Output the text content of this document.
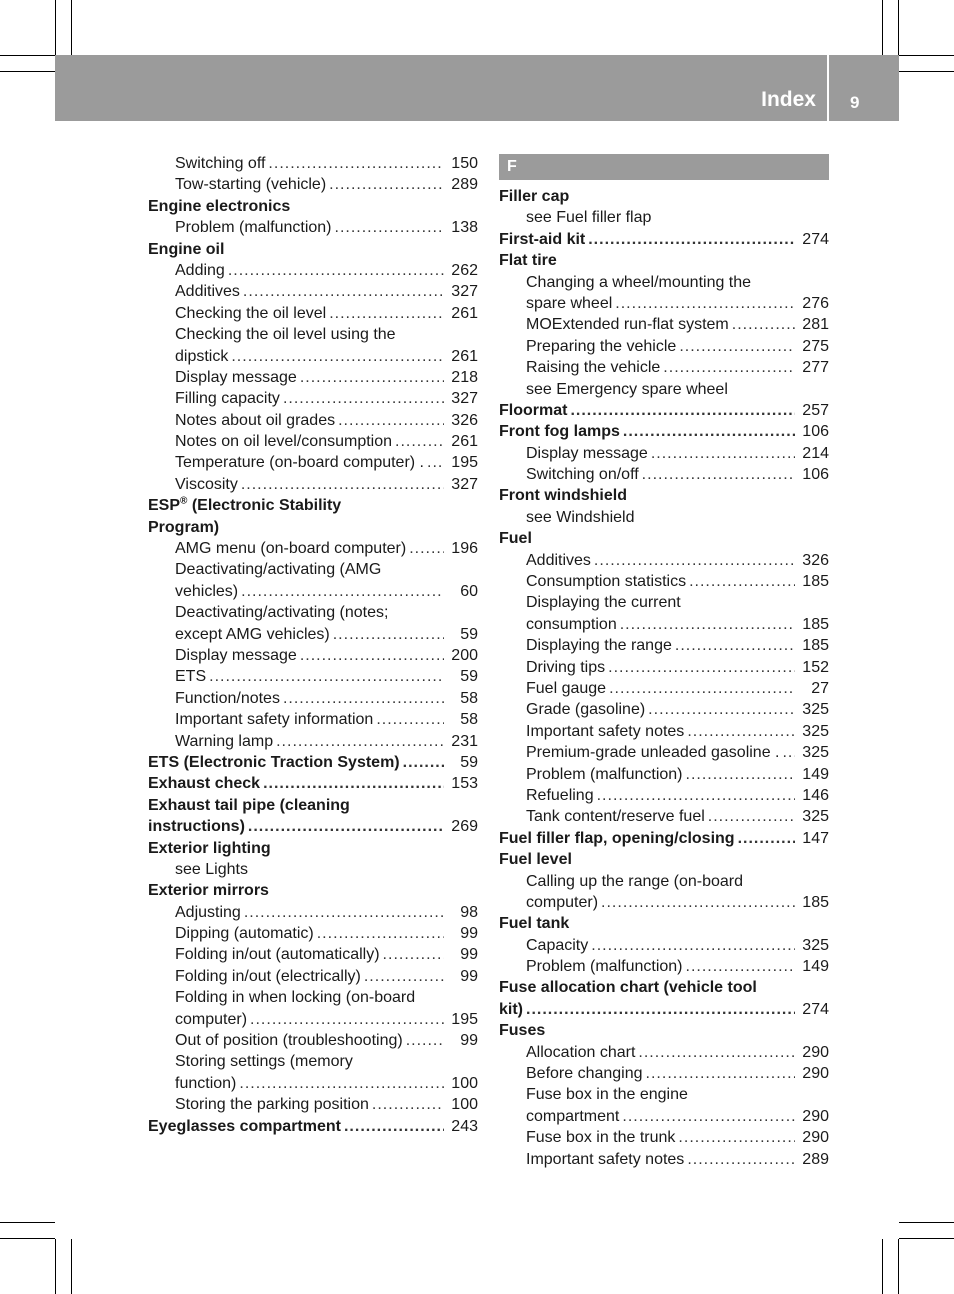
Index 9
Switching off .....	150
Tow-starting (vehicle) .....	289
Engine electronics
Problem (malfunction) .....	138
Engine oil
Adding .....	262
Additives .....	327
Checking the oil level .....	261
Checking the oil level using the
dipstick .....	261
Display message .....	218
Filling capacity .....	327
Notes about oil grades .....	326
Notes on oil level/consumption .....	261
Temperature (on-board computer) . ..... 195
Viscosity .....	327
ESP® (Electronic Stability
Program)
AMG menu (on-board computer) .....	196
Deactivating/activating (AMG
vehicles) .....	60
Deactivating/activating (notes;
except AMG vehicles) .....	59
Display message .....	200
ETS .....	59
Function/notes .....	58
Important safety information .....	58
Warning lamp .....	231
ETS (Electronic Traction System) .....	59
Exhaust check .....	153
Exhaust tail pipe (cleaning
instructions) .....	269
Exterior lighting
see Lights
Exterior mirrors
Adjusting .....	98
Dipping (automatic) .....	99
Folding in/out (automatically) .....	99
Folding in/out (electrically) .....	99
Folding in when locking (on-board
computer) .....	195
Out of position (troubleshooting) .....	99
Storing settings (memory
function) .....	100
Storing the parking position .....	100
Eyeglasses compartment .....	243
F
Filler cap
see Fuel filler flap
First-aid kit .....	274
Flat tire
Changing a wheel/mounting the
spare wheel .....	276
MOExtended run-flat system .....	281
Preparing the vehicle .....	275
Raising the vehicle .....	277
see Emergency spare wheel
Floormat .....	257
Front fog lamps .....	106
Display message .....	214
Switching on/off .....	106
Front windshield
see Windshield
Fuel
Additives .....	326
Consumption statistics .....	185
Displaying the current
consumption .....	185
Displaying the range .....	185
Driving tips .....	152
Fuel gauge .....	27
Grade (gasoline) .....	325
Important safety notes .....	325
Premium-grade unleaded gasoline . ..... 325
Problem (malfunction) .....	149
Refueling .....	146
Tank content/reserve fuel .....	325
Fuel filler flap, opening/closing .....	147
Fuel level
Calling up the range (on-board
computer) .....	185
Fuel tank
Capacity .....	325
Problem (malfunction) .....	149
Fuse allocation chart (vehicle tool
kit) .....	274
Fuses
Allocation chart .....	290
Before changing .....	290
Fuse box in the engine
compartment .....	290
Fuse box in the trunk .....	290
Important safety notes .....	289
